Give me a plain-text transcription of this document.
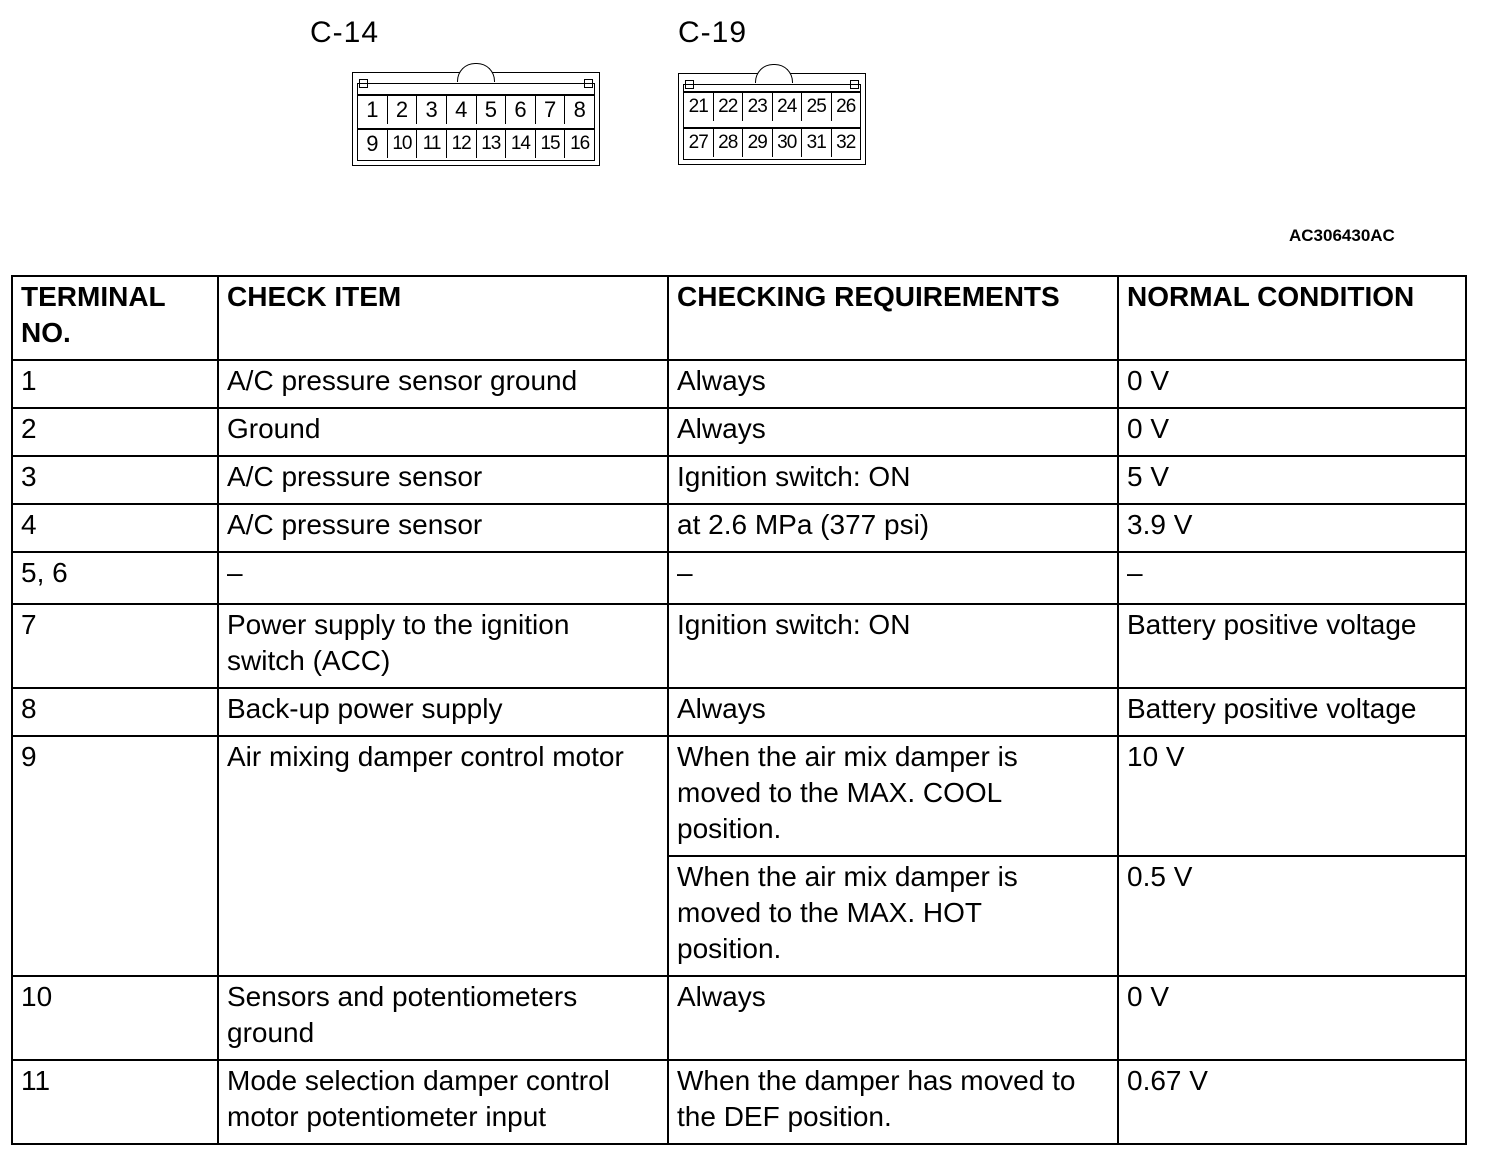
C-14
1 2 3 4 5 6 7 8
9 10 11 12 13 14 15 16
C-19
21 22 23 24 25 26
27 28 29 30 31 32
AC306430AC
TERMINAL NO.	CHECK ITEM	CHECKING REQUIREMENTS	NORMAL CONDITION
1	A/C pressure sensor ground	Always	0 V
2	Ground	Always	0 V
3	A/C pressure sensor	Ignition switch: ON	5 V
4	A/C pressure sensor	at 2.6 MPa (377 psi)	3.9 V
5, 6	–	–	–
7	Power supply to the ignition switch (ACC)	Ignition switch: ON	Battery positive voltage
8	Back-up power supply	Always	Battery positive voltage
9	Air mixing damper control motor	When the air mix damper is moved to the MAX. COOL position.	10 V
		When the air mix damper is moved to the MAX. HOT position.	0.5 V
10	Sensors and potentiometers ground	Always	0 V
11	Mode selection damper control motor potentiometer input	When the damper has moved to the DEF position.	0.67 V
